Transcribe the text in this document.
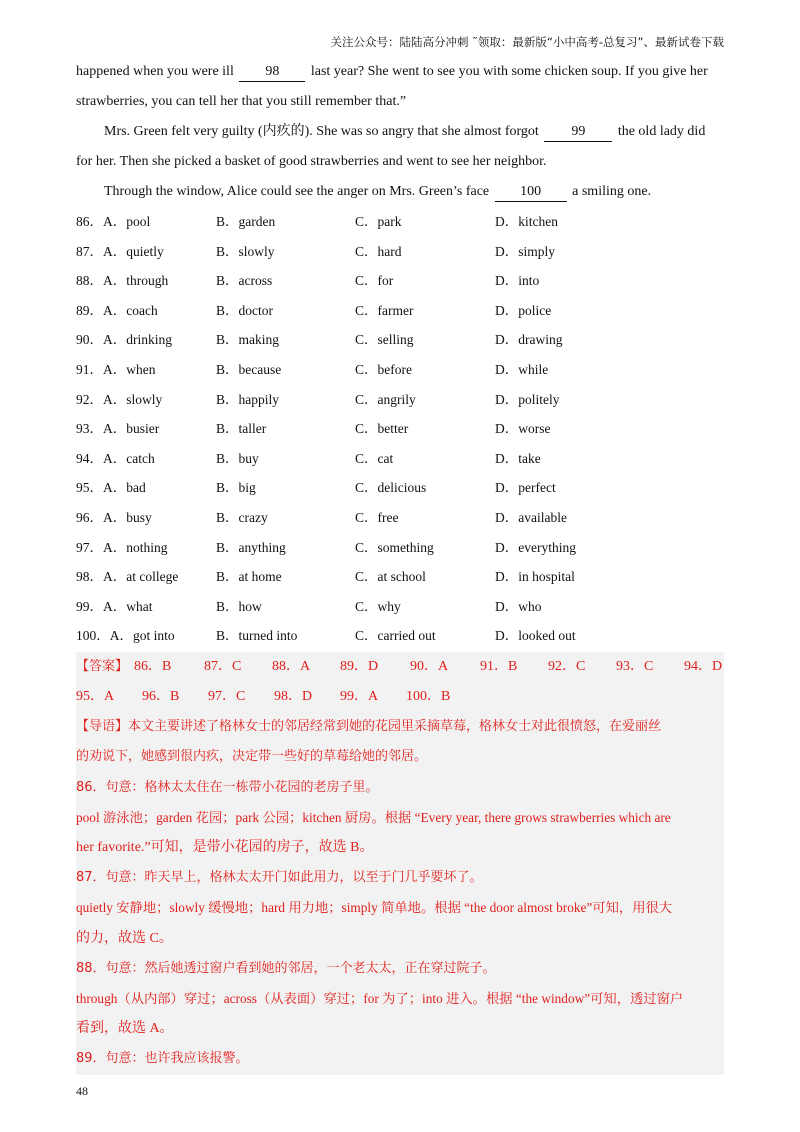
关注公众号：陆陆高分冲刺 ˜领取：最新版“小中高考-总复习”、最新试卷下载
happened when you were ill 98 last year? She went to see you with some chicken soup. If you give her
strawberries, you can tell her that you still remember that.”
Mrs. Green felt very guilty (内疚的). She was so angry that she almost forgot 99 the old lady did
for her. Then she picked a basket of good strawberries and went to see her neighbor.
Through the window, Alice could see the anger on Mrs. Green’s face 100 a smiling one.
86．A．pool	B．garden	C．park	D．kitchen
87．A．quietly	B．slowly	C．hard	D．simply
88．A．through	B．across	C．for	D．into
89．A．coach	B．doctor	C．farmer	D．police
90．A．drinking	B．making	C．selling	D．drawing
91．A．when	B．because	C．before	D．while
92．A．slowly	B．happily	C．angrily	D．politely
93．A．busier	B．taller	C．better	D．worse
94．A．catch	B．buy	C．cat	D．take
95．A．bad	B．big	C．delicious	D．perfect
96．A．busy	B．crazy	C．free	D．available
97．A．nothing	B．anything	C．something	D．everything
98．A．at college	B．at home	C．at school	D．in hospital
99．A．what	B．how	C．why	D．who
100．A．got into	B．turned into	C．carried out	D．looked out
【答案】 86．B 87．C 88．A 89．D 90．A 91．B 92．C 93．C 94．D
95．A 96．B 97．C 98．D 99．A 100．B
【导语】本文主要讲述了格林女士的邻居经常到她的花园里采摘草莓，格林女士对此很愤怒，在爱丽丝
的劝说下，她感到很内疚，决定带一些好的草莓给她的邻居。
86．句意：格林太太住在一栋带小花园的老房子里。
pool 游泳池；garden 花园；park 公园；kitchen 厨房。根据 “Every year, there grows strawberries which are
her favorite.”可知，是带小花园的房子，故选 B。
87．句意：昨天早上，格林太太开门如此用力，以至于门几乎要坏了。
quietly 安静地；slowly 缓慢地；hard 用力地；simply 简单地。根据 “the door almost broke”可知，用很大
的力，故选 C。
88．句意：然后她透过窗户看到她的邻居，一个老太太，正在穿过院子。
through（从内部）穿过；across（从表面）穿过；for 为了；into 进入。根据 “the window”可知，透过窗户
看到，故选 A。
89．句意：也许我应该报警。
48
